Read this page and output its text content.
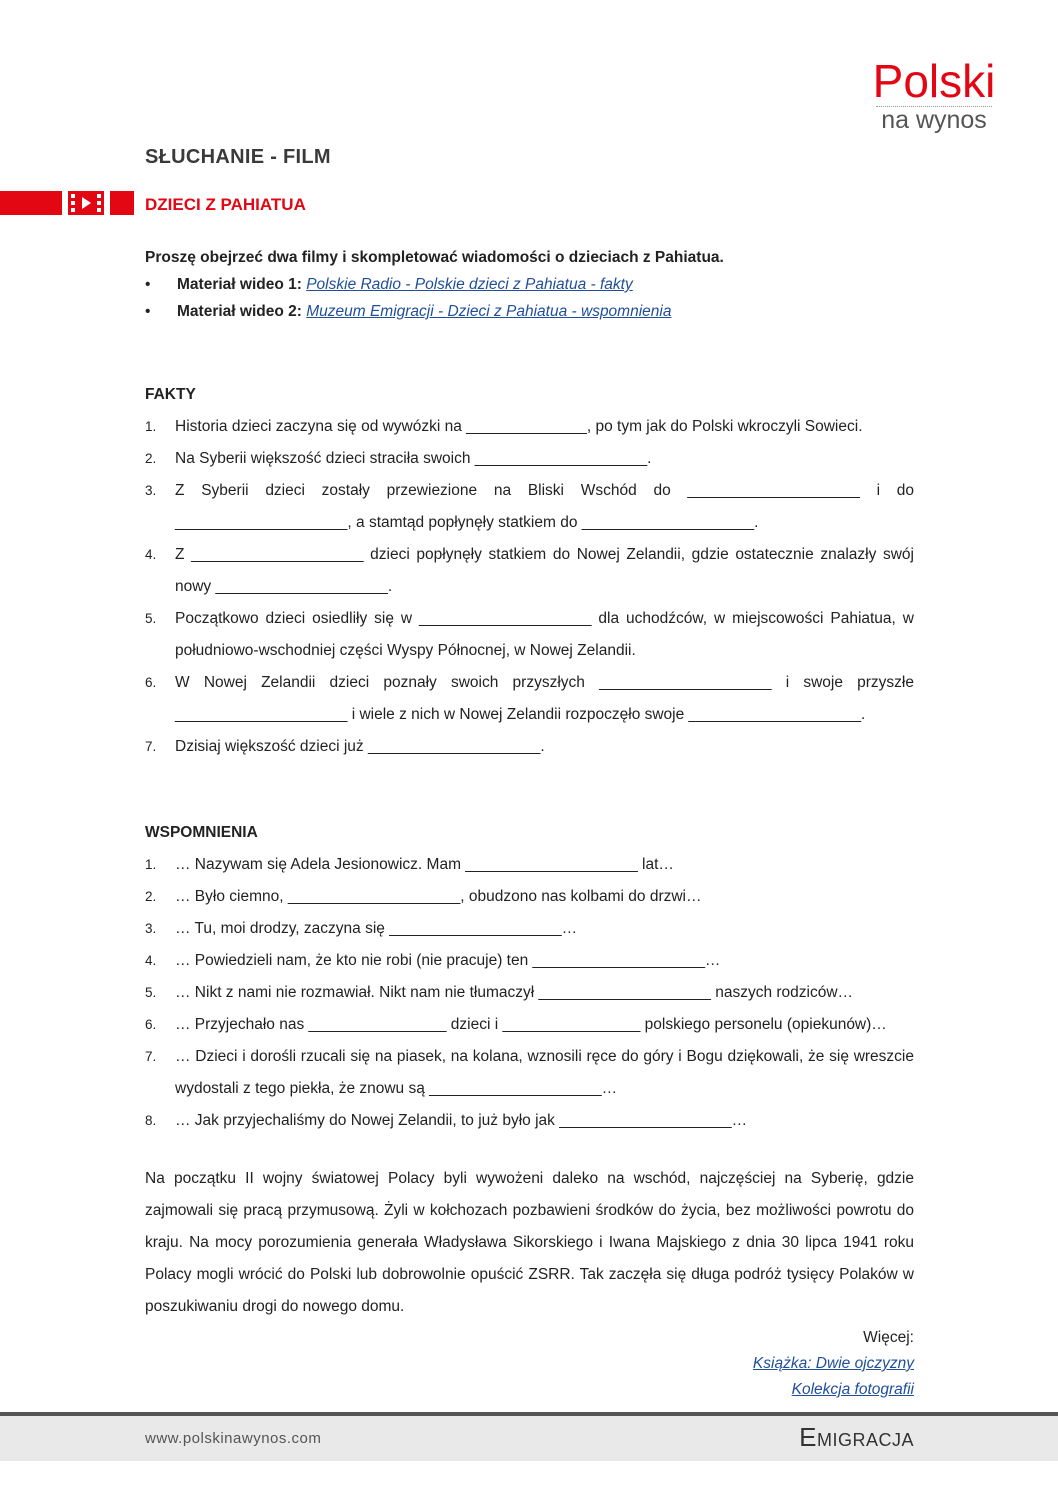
Polski
na wynos
SŁUCHANIE - FILM
DZIECI Z PAHIATUA
Proszę obejrzeć dwa filmy i skompletować wiadomości o dzieciach z Pahiatua.
• Materiał wideo 1: Polskie Radio - Polskie dzieci z Pahiatua - fakty
• Materiał wideo 2: Muzeum Emigracji - Dzieci z Pahiatua - wspomnienia
FAKTY
1. Historia dzieci zaczyna się od wywózki na ______________, po tym jak do Polski wkroczyli Sowieci.
2. Na Syberii większość dzieci straciła swoich ____________________.
3. Z Syberii dzieci zostały przewiezione na Bliski Wschód do ____________________ i do ____________________, a stamtąd popłynęły statkiem do ____________________.
4. Z ____________________ dzieci popłynęły statkiem do Nowej Zelandii, gdzie ostatecznie znalazły swój nowy ____________________.
5. Początkowo dzieci osiedliły się w ____________________ dla uchodźców, w miejscowości Pahiatua, w południowo-wschodniej części Wyspy Północnej, w Nowej Zelandii.
6. W Nowej Zelandii dzieci poznały swoich przyszłych ____________________ i swoje przyszłe ____________________ i wiele z nich w Nowej Zelandii rozpoczęło swoje ____________________.
7. Dzisiaj większość dzieci już ____________________.
WSPOMNIENIA
1. … Nazywam się Adela Jesionowicz. Mam ____________________ lat…
2. … Było ciemno, ____________________, obudzono nas kolbami do drzwi…
3. … Tu, moi drodzy, zaczyna się ____________________…
4. … Powiedzieli nam, że kto nie robi (nie pracuje) ten ____________________…
5. … Nikt z nami nie rozmawiał. Nikt nam nie tłumaczył ____________________ naszych rodziców…
6. … Przyjechało nas ________________ dzieci i ________________ polskiego personelu (opiekunów)…
7. … Dzieci i dorośli rzucali się na piasek, na kolana, wznosili ręce do góry i Bogu dziękowali, że się wreszcie wydostali z tego piekła, że znowu są ____________________…
8. … Jak przyjechaliśmy do Nowej Zelandii, to już było jak ____________________…
Na początku II wojny światowej Polacy byli wywożeni daleko na wschód, najczęściej na Syberię, gdzie zajmowali się pracą przymusową. Żyli w kołchozach pozbawieni środków do życia, bez możliwości powrotu do kraju. Na mocy porozumienia generała Władysława Sikorskiego i Iwana Majskiego z dnia 30 lipca 1941 roku Polacy mogli wrócić do Polski lub dobrowolnie opuścić ZSRR. Tak zaczęła się długa podróż tysięcy Polaków w poszukiwaniu drogi do nowego domu.
Więcej:
Książka: Dwie ojczyzny
Kolekcja fotografii
www.polskinawynos.com	Emigracja
